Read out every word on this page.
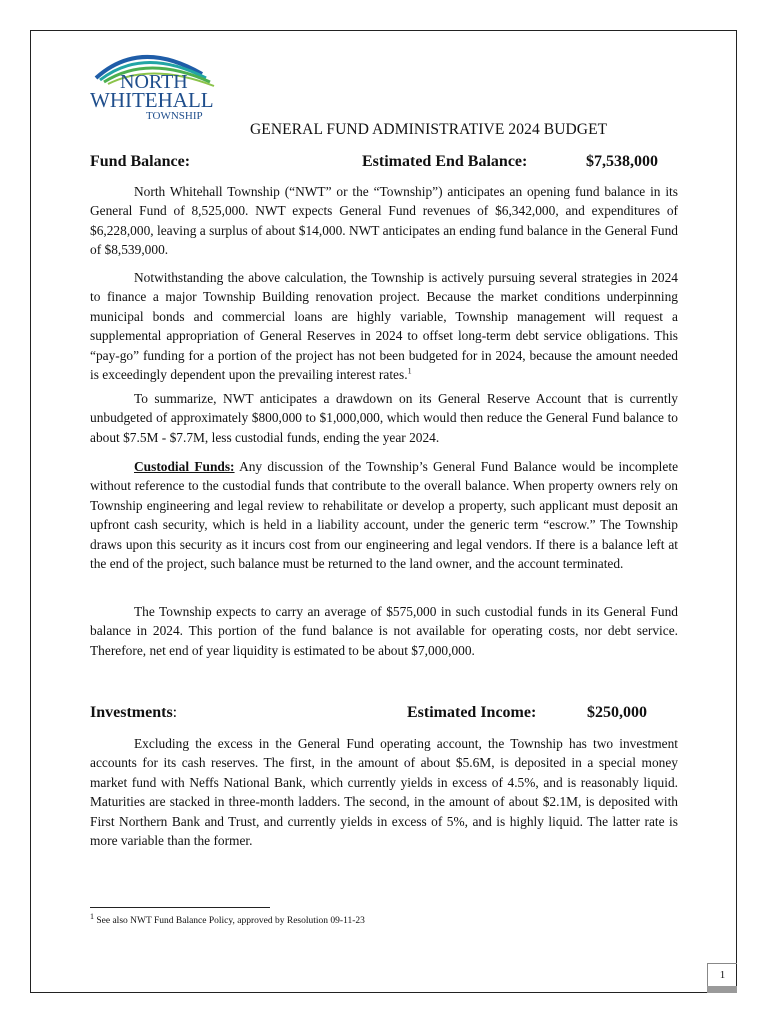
NORTH
WHITEHALL
TOWNSHIP
GENERAL FUND ADMINISTRATIVE 2024 BUDGET
Fund Balance:	Estimated End Balance:	$7,538,000

North Whitehall Township (“NWT” or the “Township”) anticipates an opening fund balance in its General Fund of 8,525,000. NWT expects General Fund revenues of $6,342,000, and expenditures of $6,228,000, leaving a surplus of about $14,000. NWT anticipates an ending fund balance in the General Fund of $8,539,000.

Notwithstanding the above calculation, the Township is actively pursuing several strategies in 2024 to finance a major Township Building renovation project. Because the market conditions underpinning municipal bonds and commercial loans are highly variable, Township management will request a supplemental appropriation of General Reserves in 2024 to offset long-term debt service obligations. This “pay-go” funding for a portion of the project has not been budgeted for in 2024, because the amount needed is exceedingly dependent upon the prevailing interest rates.$^1$

To summarize, NWT anticipates a drawdown on its General Reserve Account that is currently unbudgeted of approximately $800,000 to $1,000,000, which would then reduce the General Fund balance to about $7.5M - $7.7M, less custodial funds, ending the year 2024.

Custodial Funds: Any discussion of the Township’s General Fund Balance would be incomplete without reference to the custodial funds that contribute to the overall balance. When property owners rely on Township engineering and legal review to rehabilitate or develop a property, such applicant must deposit an upfront cash security, which is held in a liability account, under the generic term “escrow.” The Township draws upon this security as it incurs cost from our engineering and legal vendors. If there is a balance left at the end of the project, such balance must be returned to the land owner, and the account terminated.

The Township expects to carry an average of $575,000 in such custodial funds in its General Fund balance in 2024. This portion of the fund balance is not available for operating costs, nor debt service. Therefore, net end of year liquidity is estimated to be about $7,000,000.

Investments:	Estimated Income:	$250,000

Excluding the excess in the General Fund operating account, the Township has two investment accounts for its cash reserves. The first, in the amount of about $5.6M, is deposited in a special money market fund with Neffs National Bank, which currently yields in excess of 4.5%, and is reasonably liquid. Maturities are stacked in three-month ladders. The second, in the amount of about $2.1M, is deposited with First Northern Bank and Trust, and currently yields in excess of 5%, and is highly liquid. The latter rate is more variable than the former.

$^1$ See also NWT Fund Balance Policy, approved by Resolution 09-11-23
1
